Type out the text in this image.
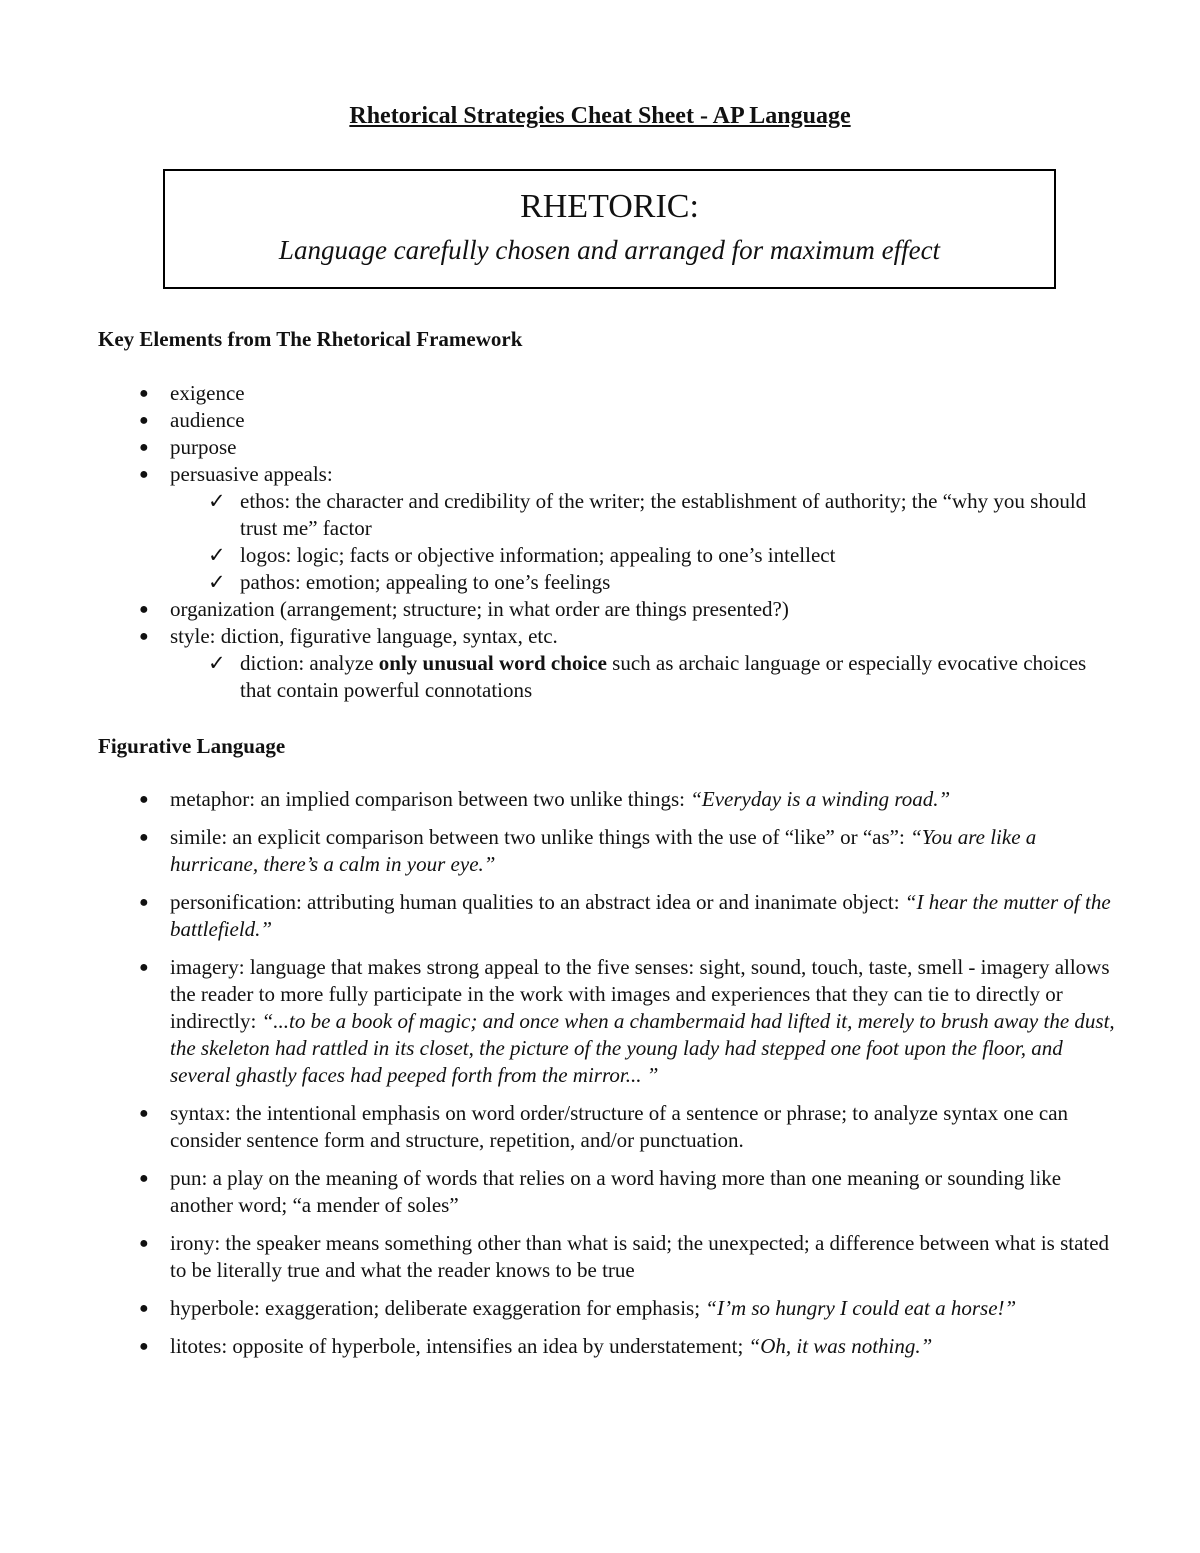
Rhetorical Strategies Cheat Sheet - AP Language
RHETORIC:
Language carefully chosen and arranged for maximum effect
Key Elements from The Rhetorical Framework
● exigence
● audience
● purpose
● persuasive appeals:
✓ ethos: the character and credibility of the writer; the establishment of authority; the “why you should trust me” factor
✓ logos: logic; facts or objective information; appealing to one’s intellect
✓ pathos: emotion; appealing to one’s feelings
● organization (arrangement; structure; in what order are things presented?)
● style: diction, figurative language, syntax, etc.
✓ diction: analyze only unusual word choice such as archaic language or especially evocative choices that contain powerful connotations
Figurative Language
● metaphor: an implied comparison between two unlike things: “Everyday is a winding road.”
● simile: an explicit comparison between two unlike things with the use of “like” or “as”: “You are like a hurricane, there’s a calm in your eye.”
● personification: attributing human qualities to an abstract idea or and inanimate object: “I hear the mutter of the battlefield.”
● imagery: language that makes strong appeal to the five senses: sight, sound, touch, taste, smell - imagery allows the reader to more fully participate in the work with images and experiences that they can tie to directly or indirectly: “...to be a book of magic; and once when a chambermaid had lifted it, merely to brush away the dust, the skeleton had rattled in its closet, the picture of the young lady had stepped one foot upon the floor, and several ghastly faces had peeped forth from the mirror... ”
● syntax: the intentional emphasis on word order/structure of a sentence or phrase; to analyze syntax one can consider sentence form and structure, repetition, and/or punctuation.
● pun: a play on the meaning of words that relies on a word having more than one meaning or sounding like another word; “a mender of soles”
● irony: the speaker means something other than what is said; the unexpected; a difference between what is stated to be literally true and what the reader knows to be true
● hyperbole: exaggeration; deliberate exaggeration for emphasis; “I’m so hungry I could eat a horse!”
● litotes: opposite of hyperbole, intensifies an idea by understatement; “Oh, it was nothing.”
